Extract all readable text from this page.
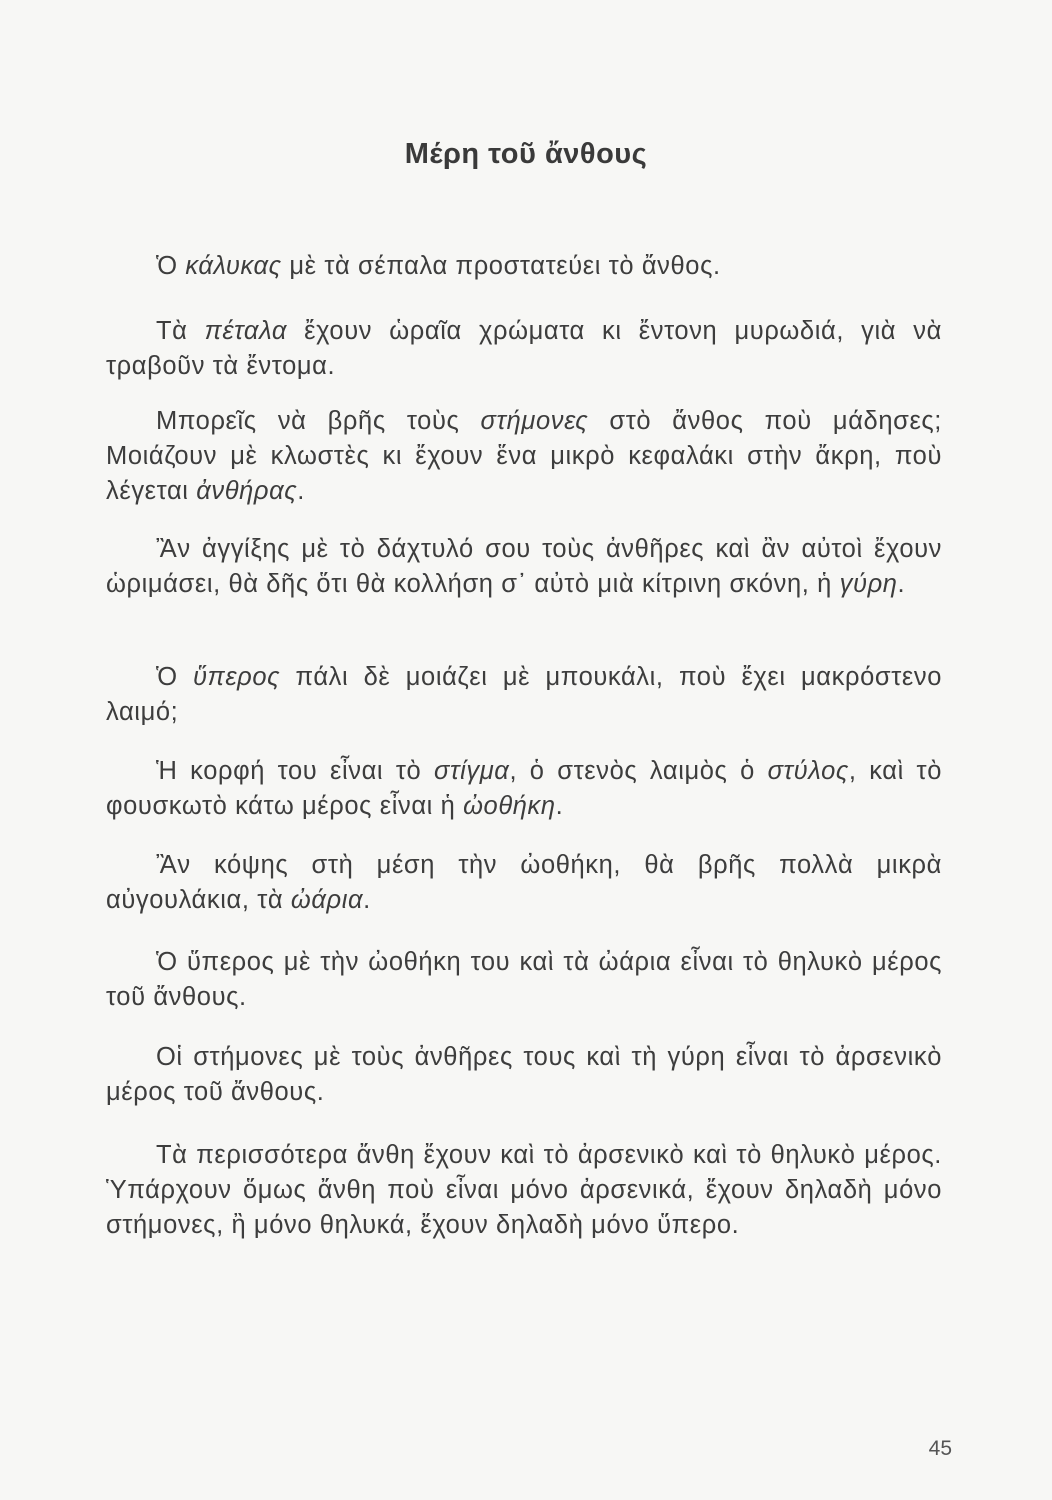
Μέρη τοῦ ἄνθους

Ὁ κάλυκας μὲ τὰ σέπαλα προστατεύει τὸ ἄνθος.

Τὰ πέταλα ἔχουν ὡραῖα χρώματα κι ἔντονη μυρωδιά, γιὰ νὰ τραβοῦν τὰ ἔντομα.

Μπορεῖς νὰ βρῆς τοὺς στήμονες στὸ ἄνθος ποὺ μάδησες; Μοιάζουν μὲ κλωστὲς κι ἔχουν ἕνα μικρὸ κεφαλάκι στὴν ἄκρη, ποὺ λέγεται ἀνθήρας.

Ἂν ἀγγίξης μὲ τὸ δάχτυλό σου τοὺς ἀνθῆρες καὶ ἂν αὐτοὶ ἔχουν ὡριμάσει, θὰ δῆς ὅτι θὰ κολλήση σ᾿ αὐτὸ μιὰ κίτρινη σκόνη, ἡ γύρη.

Ὁ ὕπερος πάλι δὲ μοιάζει μὲ μπουκάλι, ποὺ ἔχει μακρόστενο λαιμό;

Ἡ κορφή του εἶναι τὸ στίγμα, ὁ στενὸς λαιμὸς ὁ στύλος, καὶ τὸ φουσκωτὸ κάτω μέρος εἶναι ἡ ὠοθήκη.

Ἂν κόψης στὴ μέση τὴν ὠοθήκη, θὰ βρῆς πολλὰ μικρὰ αὐγουλάκια, τὰ ὠάρια.

Ὁ ὕπερος μὲ τὴν ὠοθήκη του καὶ τὰ ὠάρια εἶναι τὸ θηλυκὸ μέρος τοῦ ἄνθους.

Οἱ στήμονες μὲ τοὺς ἀνθῆρες τους καὶ τὴ γύρη εἶναι τὸ ἀρσενικὸ μέρος τοῦ ἄνθους.

Τὰ περισσότερα ἄνθη ἔχουν καὶ τὸ ἀρσενικὸ καὶ τὸ θηλυκὸ μέρος. Ὑπάρχουν ὅμως ἄνθη ποὺ εἶναι μόνο ἀρσενικά, ἔχουν δηλαδὴ μόνο στήμονες, ἢ μόνο θηλυκά, ἔχουν δηλαδὴ μόνο ὕπερο.

45
